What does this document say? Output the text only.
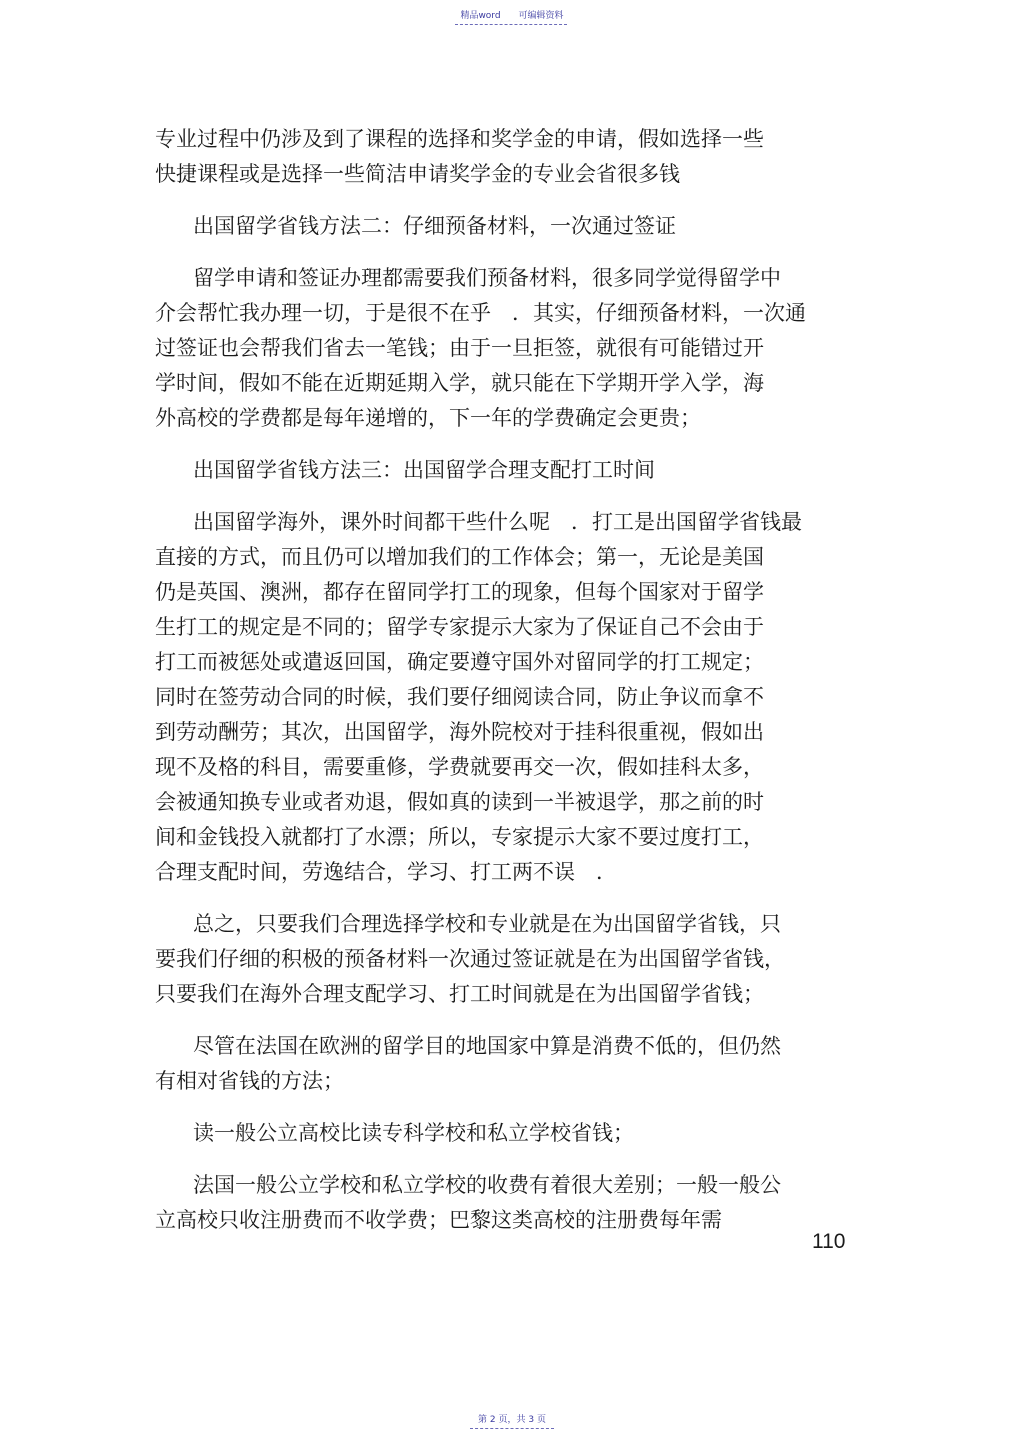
精品word　　可编辑资料

专业过程中仍涉及到了课程的选择和奖学金的申请，假如选择一些
快捷课程或是选择一些简洁申请奖学金的专业会省很多钱

出国留学省钱方法二：仔细预备材料，一次通过签证

留学申请和签证办理都需要我们预备材料，很多同学觉得留学中
介会帮忙我办理一切，于是很不在乎　．其实，仔细预备材料，一次通
过签证也会帮我们省去一笔钱；由于一旦拒签，就很有可能错过开
学时间，假如不能在近期延期入学，就只能在下学期开学入学，海
外高校的学费都是每年递增的，下一年的学费确定会更贵；

出国留学省钱方法三：出国留学合理支配打工时间

出国留学海外，课外时间都干些什么呢　．打工是出国留学省钱最
直接的方式，而且仍可以增加我们的工作体会；第一，无论是美国
仍是英国、澳洲，都存在留同学打工的现象，但每个国家对于留学
生打工的规定是不同的；留学专家提示大家为了保证自己不会由于
打工而被惩处或遣返回国，确定要遵守国外对留同学的打工规定；
同时在签劳动合同的时候，我们要仔细阅读合同，防止争议而拿不
到劳动酬劳；其次，出国留学，海外院校对于挂科很重视，假如出
现不及格的科目，需要重修，学费就要再交一次，假如挂科太多，
会被通知换专业或者劝退，假如真的读到一半被退学，那之前的时
间和金钱投入就都打了水漂；所以，专家提示大家不要过度打工，
合理支配时间，劳逸结合，学习、打工两不误　．

总之，只要我们合理选择学校和专业就是在为出国留学省钱，只
要我们仔细的积极的预备材料一次通过签证就是在为出国留学省钱，
只要我们在海外合理支配学习、打工时间就是在为出国留学省钱；

尽管在法国在欧洲的留学目的地国家中算是消费不低的，但仍然
有相对省钱的方法；

读一般公立高校比读专科学校和私立学校省钱；

法国一般公立学校和私立学校的收费有着很大差别；一般一般公
立高校只收注册费而不收学费；巴黎这类高校的注册费每年需

110
第 2 页，共 3 页
